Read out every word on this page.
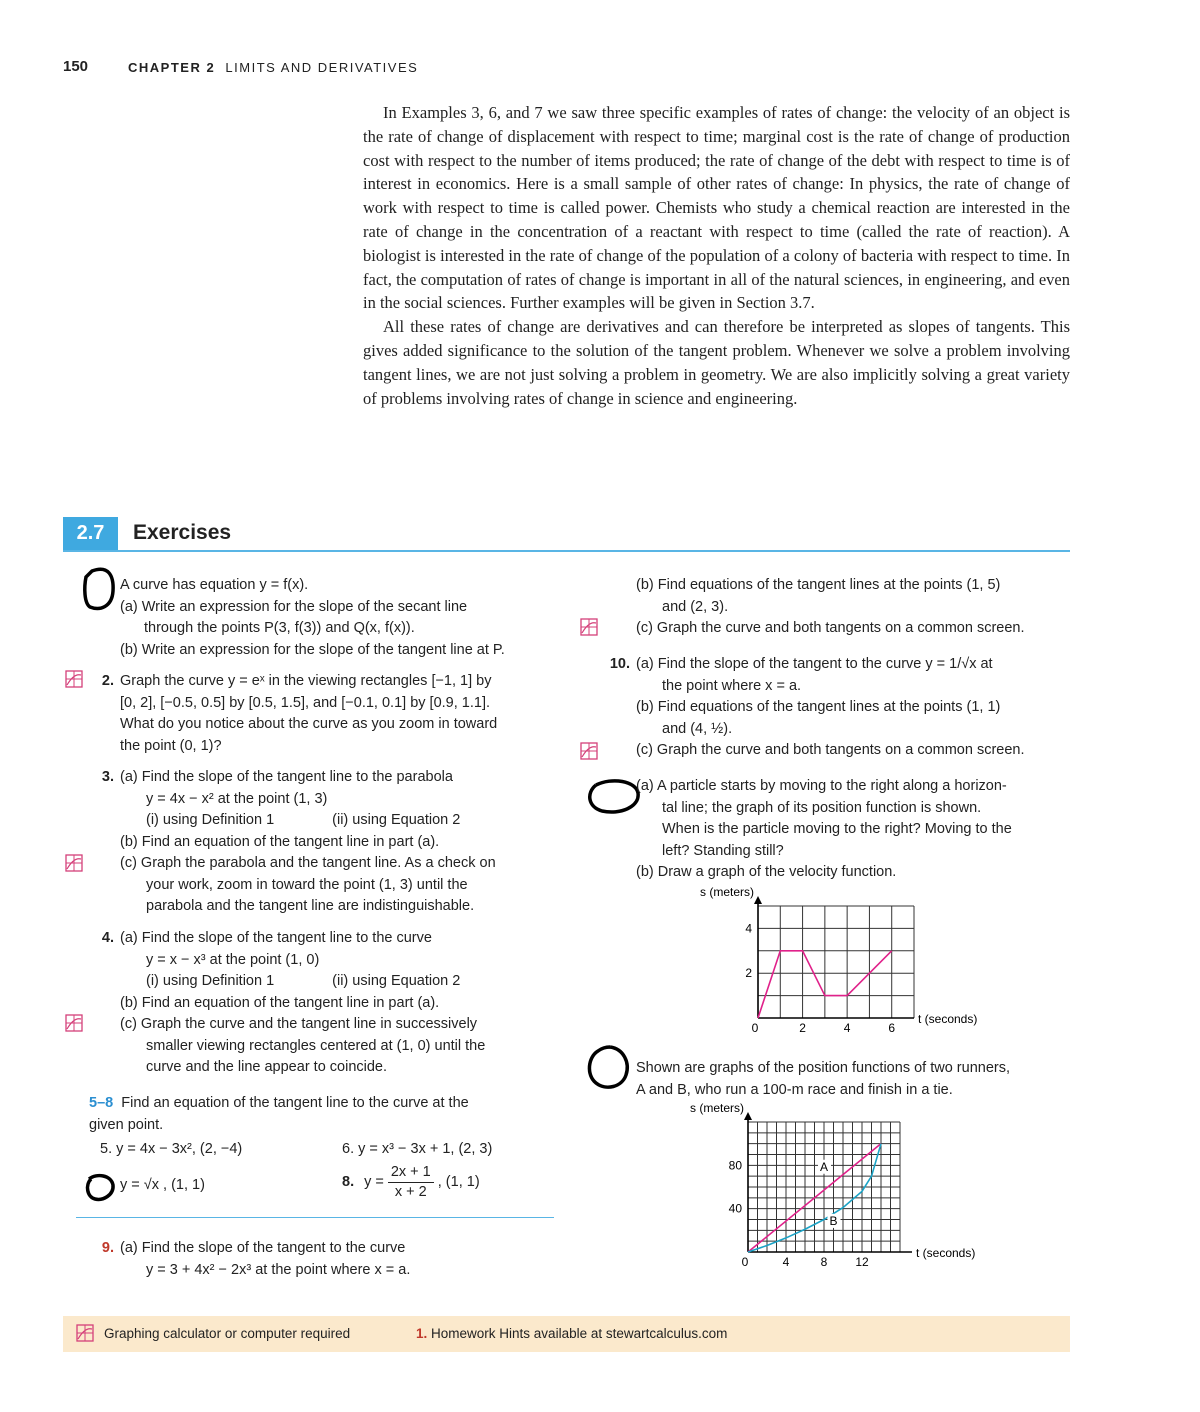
150	CHAPTER 2 LIMITS AND DERIVATIVES

In Examples 3, 6, and 7 we saw three specific examples of rates of change: the velocity of an object is the rate of change of displacement with respect to time; marginal cost is the rate of change of production cost with respect to the number of items produced; the rate of change of the debt with respect to time is of interest in economics. Here is a small sample of other rates of change: In physics, the rate of change of work with respect to time is called power. Chemists who study a chemical reaction are interested in the rate of change in the concentration of a reactant with respect to time (called the rate of reaction). A biologist is interested in the rate of change of the population of a colony of bacteria with respect to time. In fact, the computation of rates of change is important in all of the natural sciences, in engineering, and even in the social sciences. Further examples will be given in Section 3.7.

All these rates of change are derivatives and can therefore be interpreted as slopes of tangents. This gives added significance to the solution of the tangent problem. Whenever we solve a problem involving tangent lines, we are not just solving a problem in geometry. We are also implicitly solving a great variety of problems involving rates of change in science and engineering.

2.7	Exercises
A curve has equation y = f(x).
(a) Write an expression for the slope of the secant line
through the points P(3, f(3)) and Q(x, f(x)).
(b) Write an expression for the slope of the tangent line at P.
2. Graph the curve y = eˣ in the viewing rectangles [−1, 1] by
[0, 2], [−0.5, 0.5] by [0.5, 1.5], and [−0.1, 0.1] by [0.9, 1.1].
What do you notice about the curve as you zoom in toward
the point (0, 1)?
3. (a) Find the slope of the tangent line to the parabola
y = 4x − x² at the point (1, 3)
(i) using Definition 1	(ii) using Equation 2
(b) Find an equation of the tangent line in part (a).
(c) Graph the parabola and the tangent line. As a check on
your work, zoom in toward the point (1, 3) until the
parabola and the tangent line are indistinguishable.
4. (a) Find the slope of the tangent line to the curve
y = x − x³ at the point (1, 0)
(i) using Definition 1	(ii) using Equation 2
(b) Find an equation of the tangent line in part (a).
(c) Graph the curve and the tangent line in successively
smaller viewing rectangles centered at (1, 0) until the
curve and the line appear to coincide.
5–8 Find an equation of the tangent line to the curve at the
given point.
5. y = 4x − 3x², (2, −4)	6. y = x³ − 3x + 1, (2, 3)
y = √x , (1, 1)	8. $y = \frac{2x + 1}{x + 2}$ , (1, 1)
9. (a) Find the slope of the tangent to the curve
y = 3 + 4x² − 2x³ at the point where x = a.
(b) Find equations of the tangent lines at the points (1, 5)
and (2, 3).
(c) Graph the curve and both tangents on a common screen.
10. (a) Find the slope of the tangent to the curve y = 1/√x at
the point where x = a.
(b) Find equations of the tangent lines at the points (1, 1)
and (4, ½).
(c) Graph the curve and both tangents on a common screen.
(a) A particle starts by moving to the right along a horizon-
tal line; the graph of its position function is shown.
When is the particle moving to the right? Moving to the
left? Standing still?
(b) Draw a graph of the velocity function.
0	2	4	6
2
4
s (meters)
t (seconds)
Shown are graphs of the position functions of two runners,
A and B, who run a 100-m race and finish in a tie.
0	4	8 12
40
80
s (meters)
t (seconds)
A
B
Graphing calculator or computer required	1. Homework Hints available at stewartcalculus.com
